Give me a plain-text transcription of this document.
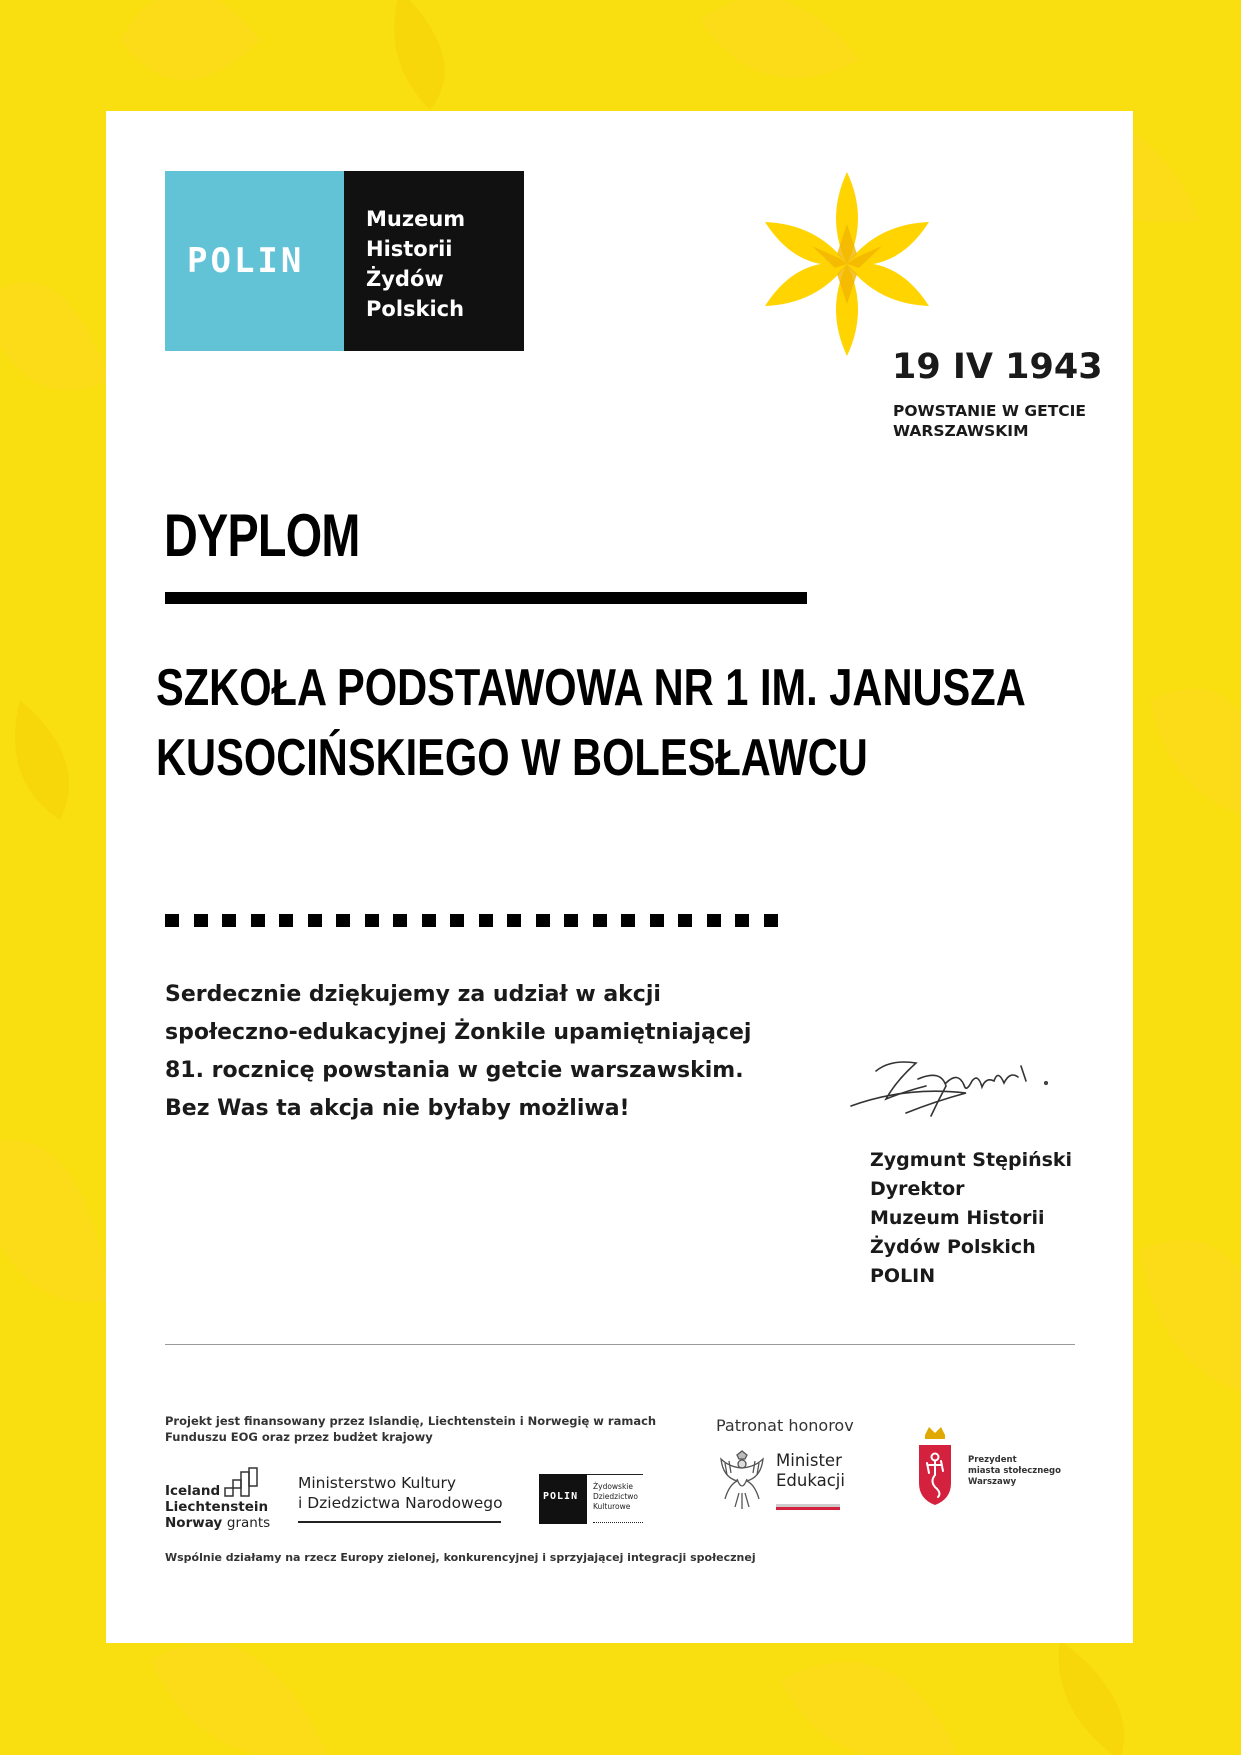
POLIN
Muzeum
Historii
Żydów
Polskich
19 IV 1943
POWSTANIE W GETCIE
WARSZAWSKIM
DYPLOM
SZKOŁA PODSTAWOWA NR 1 IM. JANUSZA
KUSOCIŃSKIEGO W BOLESŁAWCU
Serdecznie dziękujemy za udział w akcji
społeczno-edukacyjnej Żonkile upamiętniającej
81. rocznicę powstania w getcie warszawskim.
Bez Was ta akcja nie byłaby możliwa!
Zygmunt Stępiński
Dyrektor
Muzeum Historii
Żydów Polskich
POLIN
Projekt jest finansowany przez Islandię, Liechtenstein i Norwegię w ramach
Funduszu EOG oraz przez budżet krajowy
Iceland
Liechtenstein
Norway grants
Ministerstwo Kultury
i Dziedzictwa Narodowego	POLIN
Żydowskie
Dziedzictwo
Kulturowe
Patronat honorov
Minister
Edukacji
Prezydent
miasta stołecznego
Warszawy
Wspólnie działamy na rzecz Europy zielonej, konkurencyjnej i sprzyjającej integracji społecznej
